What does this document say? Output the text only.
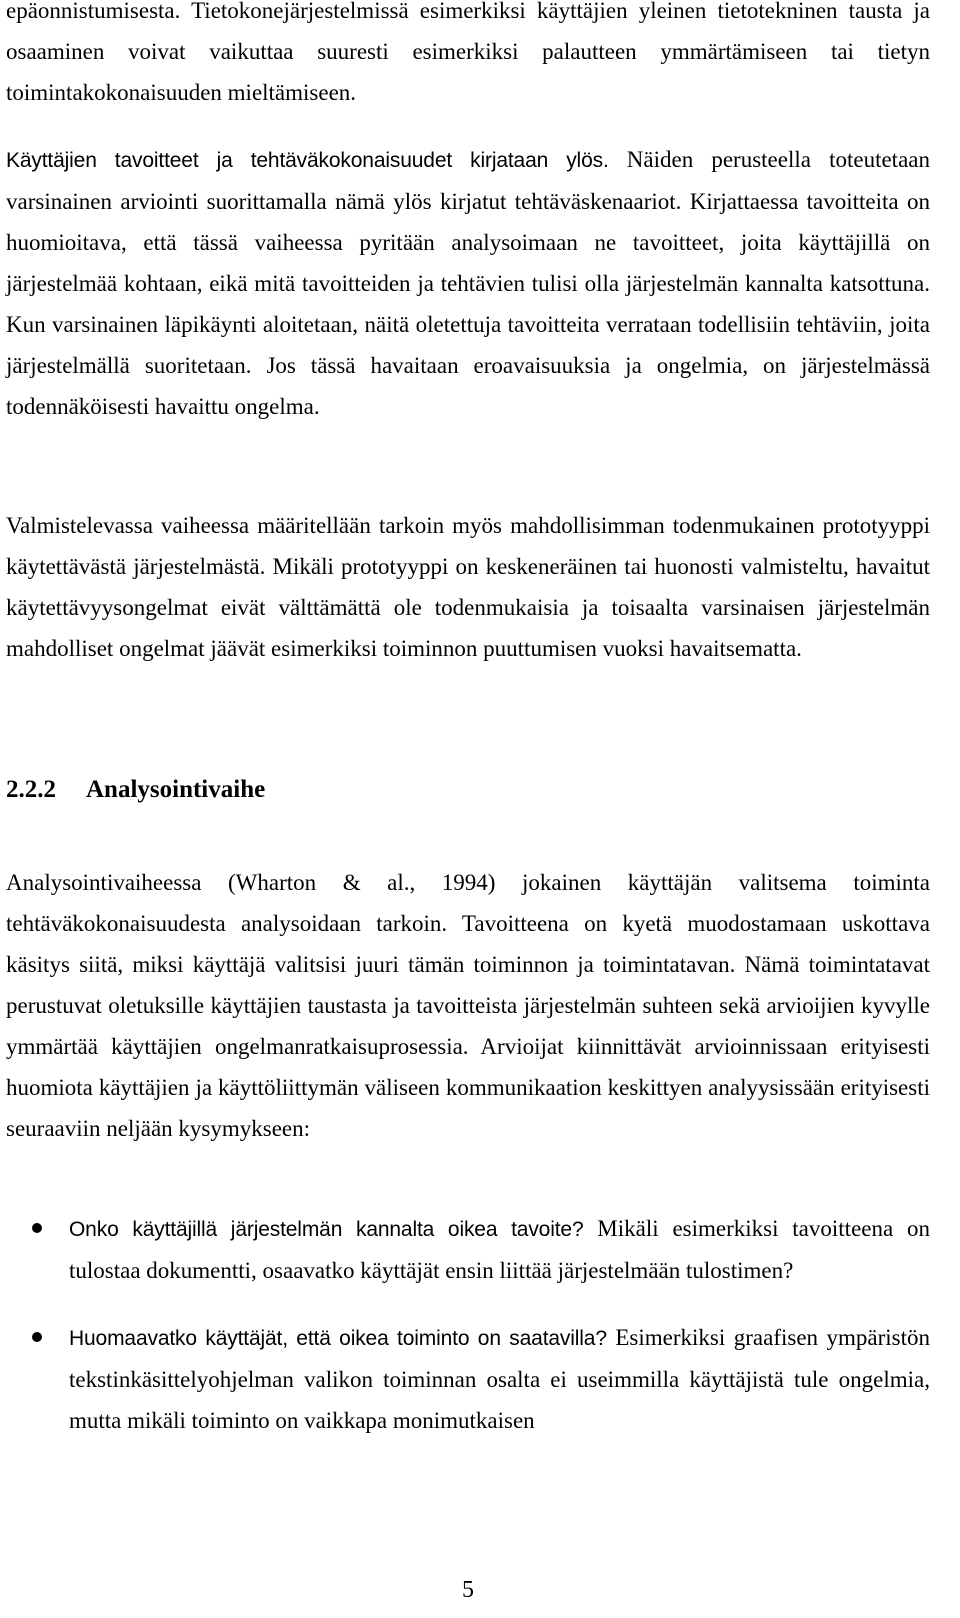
epäonnistumisesta. Tietokonejärjestelmissä esimerkiksi käyttäjien yleinen tietotekninen tausta ja osaaminen voivat vaikuttaa suuresti esimerkiksi palautteen ymmärtämiseen tai tietyn toimintakokonaisuuden mieltämiseen.

Käyttäjien tavoitteet ja tehtäväkokonaisuudet kirjataan ylös. Näiden perusteella toteutetaan varsinainen arviointi suorittamalla nämä ylös kirjatut tehtäväskenaariot. Kirjattaessa tavoitteita on huomioitava, että tässä vaiheessa pyritään analysoimaan ne tavoitteet, joita käyttäjillä on järjestelmää kohtaan, eikä mitä tavoitteiden ja tehtävien tulisi olla järjestelmän kannalta katsottuna. Kun varsinainen läpikäynti aloitetaan, näitä oletettuja tavoitteita verrataan todellisiin tehtäviin, joita järjestelmällä suoritetaan. Jos tässä havaitaan eroavaisuuksia ja ongelmia, on järjestelmässä todennäköisesti havaittu ongelma.

Valmistelevassa vaiheessa määritellään tarkoin myös mahdollisimman todenmukainen prototyyppi käytettävästä järjestelmästä. Mikäli prototyyppi on keskeneräinen tai huonosti valmisteltu, havaitut käytettävyysongelmat eivät välttämättä ole todenmukaisia ja toisaalta varsinaisen järjestelmän mahdolliset ongelmat jäävät esimerkiksi toiminnon puuttumisen vuoksi havaitsematta.

2.2.2 Analysointivaihe

Analysointivaiheessa (Wharton & al., 1994) jokainen käyttäjän valitsema toiminta tehtäväkokonaisuudesta analysoidaan tarkoin. Tavoitteena on kyetä muodostamaan uskottava käsitys siitä, miksi käyttäjä valitsisi juuri tämän toiminnon ja toimintatavan. Nämä toimintatavat perustuvat oletuksille käyttäjien taustasta ja tavoitteista järjestelmän suhteen sekä arvioijien kyvylle ymmärtää käyttäjien ongelmanratkaisuprosessia. Arvioijat kiinnittävät arvioinnissaan erityisesti huomiota käyttäjien ja käyttöliittymän väliseen kommunikaation keskittyen analyysissään erityisesti seuraaviin neljään kysymykseen:

Onko käyttäjillä järjestelmän kannalta oikea tavoite? Mikäli esimerkiksi tavoitteena on tulostaa dokumentti, osaavatko käyttäjät ensin liittää järjestelmään tulostimen?
Huomaavatko käyttäjät, että oikea toiminto on saatavilla? Esimerkiksi graafisen ympäristön tekstinkäsittelyohjelman valikon toiminnan osalta ei useimmilla käyttäjistä tule ongelmia, mutta mikäli toiminto on vaikkapa monimutkaisen

5
